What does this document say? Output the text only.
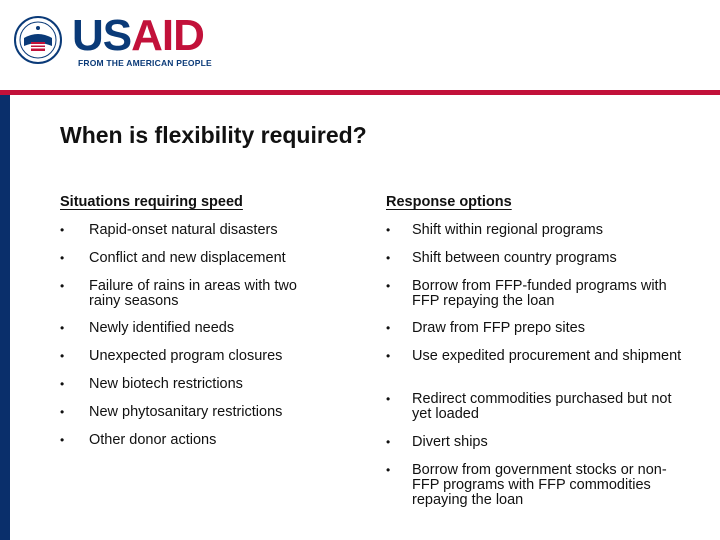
USAID
FROM THE AMERICAN PEOPLE
When is flexibility required?
Situations requiring speed	Response options
• Rapid-onset natural disasters
• Conflict and new displacement
• Failure of rains in areas with two rainy seasons
• Newly identified needs
• Unexpected program closures
• New biotech restrictions
• New phytosanitary restrictions
• Other donor actions
• Shift within regional programs
• Shift between country programs
• Borrow from FFP-funded programs with FFP repaying the loan
• Draw from FFP prepo sites
• Use expedited procurement and shipment
• Redirect commodities purchased but not yet loaded
• Divert ships
• Borrow from government stocks or non-FFP programs with FFP commodities repaying the loan
